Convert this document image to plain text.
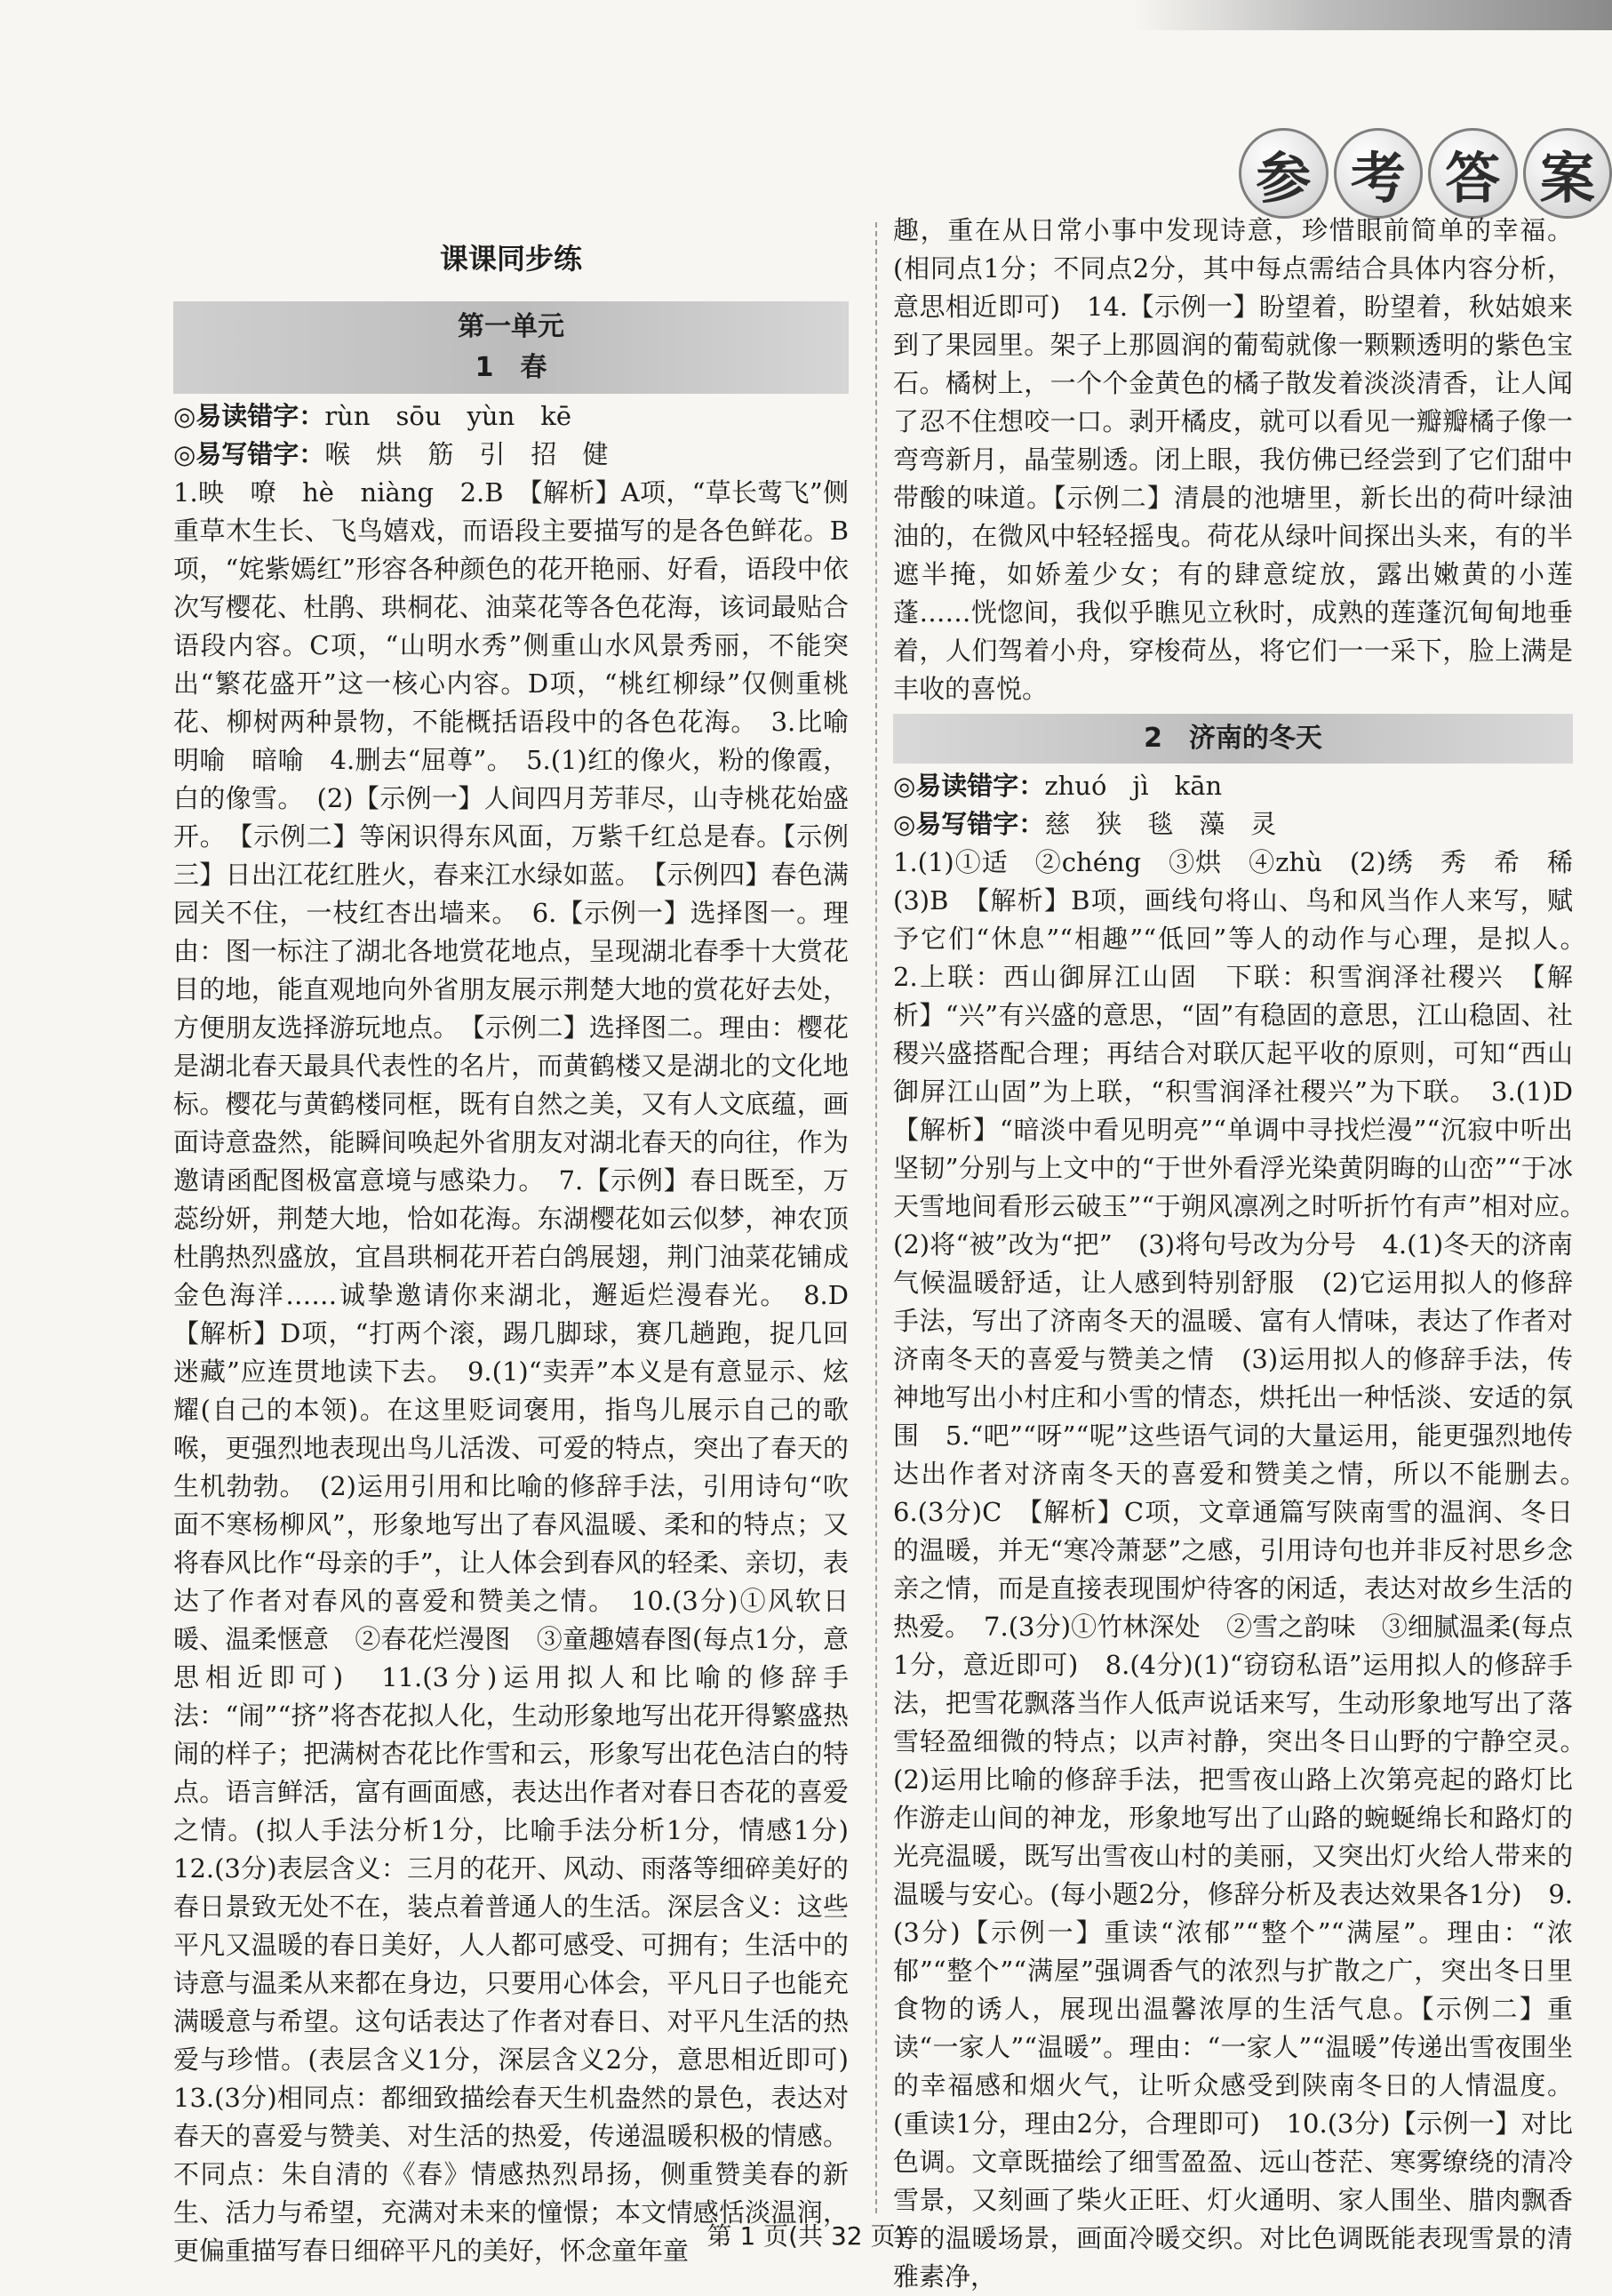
参 考 答 案
课课同步练
第一单元
1　春

◎易读错字：rùn　sōu　yùn　kē

◎易写错字：喉　烘　筋　引　招　健

1.映　嘹　hè　niàng　2.B　【解析】A项，“草长莺飞”侧重草木生长、飞鸟嬉戏，而语段主要描写的是各色鲜花。B项，“姹紫嫣红”形容各种颜色的花开艳丽、好看，语段中依次写樱花、杜鹃、珙桐花、油菜花等各色花海，该词最贴合语段内容。C项，“山明水秀”侧重山水风景秀丽，不能突出“繁花盛开”这一核心内容。D项，“桃红柳绿”仅侧重桃花、柳树两种景物，不能概括语段中的各色花海。　3.比喻　明喻　暗喻　4.删去“屈尊”。　5.(1)红的像火，粉的像霞，白的像雪。　(2)【示例一】人间四月芳菲尽，山寺桃花始盛开。　【示例二】等闲识得东风面，万紫千红总是春。【示例三】日出江花红胜火，春来江水绿如蓝。　【示例四】春色满园关不住，一枝红杏出墙来。　6.【示例一】选择图一。理由：图一标注了湖北各地赏花地点，呈现湖北春季十大赏花目的地，能直观地向外省朋友展示荆楚大地的赏花好去处，方便朋友选择游玩地点。　【示例二】选择图二。理由：樱花是湖北春天最具代表性的名片，而黄鹤楼又是湖北的文化地标。樱花与黄鹤楼同框，既有自然之美，又有人文底蕴，画面诗意盎然，能瞬间唤起外省朋友对湖北春天的向往，作为邀请函配图极富意境与感染力。　7.【示例】春日既至，万蕊纷妍，荆楚大地，恰如花海。东湖樱花如云似梦，神农顶杜鹃热烈盛放，宜昌珙桐花开若白鸽展翅，荆门油菜花铺成金色海洋……诚挚邀请你来湖北，邂逅烂漫春光。　8.D　【解析】D项，“打两个滚，踢几脚球，赛几趟跑，捉几回迷藏”应连贯地读下去。　9.(1)“卖弄”本义是有意显示、炫耀(自己的本领)。在这里贬词褒用，指鸟儿展示自己的歌喉，更强烈地表现出鸟儿活泼、可爱的特点，突出了春天的生机勃勃。　(2)运用引用和比喻的修辞手法，引用诗句“吹面不寒杨柳风”，形象地写出了春风温暖、柔和的特点；又将春风比作“母亲的手”，让人体会到春风的轻柔、亲切，表达了作者对春风的喜爱和赞美之情。　10.(3分)①风软日暖、温柔惬意　②春花烂漫图　③童趣嬉春图(每点1分，意思相近即可)　11.(3分)运用拟人和比喻的修辞手法：“闹”“挤”将杏花拟人化，生动形象地写出花开得繁盛热闹的样子；把满树杏花比作雪和云，形象写出花色洁白的特点。语言鲜活，富有画面感，表达出作者对春日杏花的喜爱之情。(拟人手法分析1分，比喻手法分析1分，情感1分)　12.(3分)表层含义：三月的花开、风动、雨落等细碎美好的春日景致无处不在，装点着普通人的生活。深层含义：这些平凡又温暖的春日美好，人人都可感受、可拥有；生活中的诗意与温柔从来都在身边，只要用心体会，平凡日子也能充满暖意与希望。这句话表达了作者对春日、对平凡生活的热爱与珍惜。(表层含义1分，深层含义2分，意思相近即可)　13.(3分)相同点：都细致描绘春天生机盎然的景色，表达对春天的喜爱与赞美、对生活的热爱，传递温暖积极的情感。不同点：朱自清的《春》情感热烈昂扬，侧重赞美春的新生、活力与希望，充满对未来的憧憬；本文情感恬淡温润，更偏重描写春日细碎平凡的美好，怀念童年童

趣，重在从日常小事中发现诗意，珍惜眼前简单的幸福。(相同点1分；不同点2分，其中每点需结合具体内容分析，意思相近即可)　14.【示例一】盼望着，盼望着，秋姑娘来到了果园里。架子上那圆润的葡萄就像一颗颗透明的紫色宝石。橘树上，一个个金黄色的橘子散发着淡淡清香，让人闻了忍不住想咬一口。剥开橘皮，就可以看见一瓣瓣橘子像一弯弯新月，晶莹剔透。闭上眼，我仿佛已经尝到了它们甜中带酸的味道。【示例二】清晨的池塘里，新长出的荷叶绿油油的，在微风中轻轻摇曳。荷花从绿叶间探出头来，有的半遮半掩，如娇羞少女；有的肆意绽放，露出嫩黄的小莲蓬……恍惚间，我似乎瞧见立秋时，成熟的莲蓬沉甸甸地垂着，人们驾着小舟，穿梭荷丛，将它们一一采下，脸上满是丰收的喜悦。

2　济南的冬天

◎易读错字：zhuó　jì　kān

◎易写错字：慈　狭　毯　藻　灵

1.(1)①适　②chéng　③烘　④zhù　(2)绣　秀　希　稀　(3)B　【解析】B项，画线句将山、鸟和风当作人来写，赋予它们“休息”“相趣”“低回”等人的动作与心理，是拟人。　2.上联：西山御屏江山固　下联：积雪润泽社稷兴　【解析】“兴”有兴盛的意思，“固”有稳固的意思，江山稳固、社稷兴盛搭配合理；再结合对联仄起平收的原则，可知“西山御屏江山固”为上联，“积雪润泽社稷兴”为下联。　3.(1)D　【解析】“暗淡中看见明亮”“单调中寻找烂漫”“沉寂中听出坚韧”分别与上文中的“于世外看浮光染黄阴晦的山峦”“于冰天雪地间看形云破玉”“于朔风凛冽之时听折竹有声”相对应。　(2)将“被”改为“把”　(3)将句号改为分号　4.(1)冬天的济南气候温暖舒适，让人感到特别舒服　(2)它运用拟人的修辞手法，写出了济南冬天的温暖、富有人情味，表达了作者对济南冬天的喜爱与赞美之情　(3)运用拟人的修辞手法，传神地写出小村庄和小雪的情态，烘托出一种恬淡、安适的氛围　5.“吧”“呀”“呢”这些语气词的大量运用，能更强烈地传达出作者对济南冬天的喜爱和赞美之情，所以不能删去。　6.(3分)C　【解析】C项，文章通篇写陕南雪的温润、冬日的温暖，并无“寒冷萧瑟”之感，引用诗句也并非反衬思乡念亲之情，而是直接表现围炉待客的闲适，表达对故乡生活的热爱。　7.(3分)①竹林深处　②雪之韵味　③细腻温柔(每点1分，意近即可)　8.(4分)(1)“窃窃私语”运用拟人的修辞手法，把雪花飘落当作人低声说话来写，生动形象地写出了落雪轻盈细微的特点；以声衬静，突出冬日山野的宁静空灵。　(2)运用比喻的修辞手法，把雪夜山路上次第亮起的路灯比作游走山间的神龙，形象地写出了山路的蜿蜒绵长和路灯的光亮温暖，既写出雪夜山村的美丽，又突出灯火给人带来的温暖与安心。(每小题2分，修辞分析及表达效果各1分)　9.(3分)【示例一】重读“浓郁”“整个”“满屋”。理由：“浓郁”“整个”“满屋”强调香气的浓烈与扩散之广，突出冬日里食物的诱人，展现出温馨浓厚的生活气息。【示例二】重读“一家人”“温暖”。理由：“一家人”“温暖”传递出雪夜围坐的幸福感和烟火气，让听众感受到陕南冬日的人情温度。(重读1分，理由2分，合理即可)　10.(3分)【示例一】对比色调。文章既描绘了细雪盈盈、远山苍茫、寒雾缭绕的清冷雪景，又刻画了柴火正旺、灯火通明、家人围坐、腊肉飘香等的温暖场景，画面冷暖交织。对比色调既能表现雪景的清雅素净，

第 1 页(共 32 页)
